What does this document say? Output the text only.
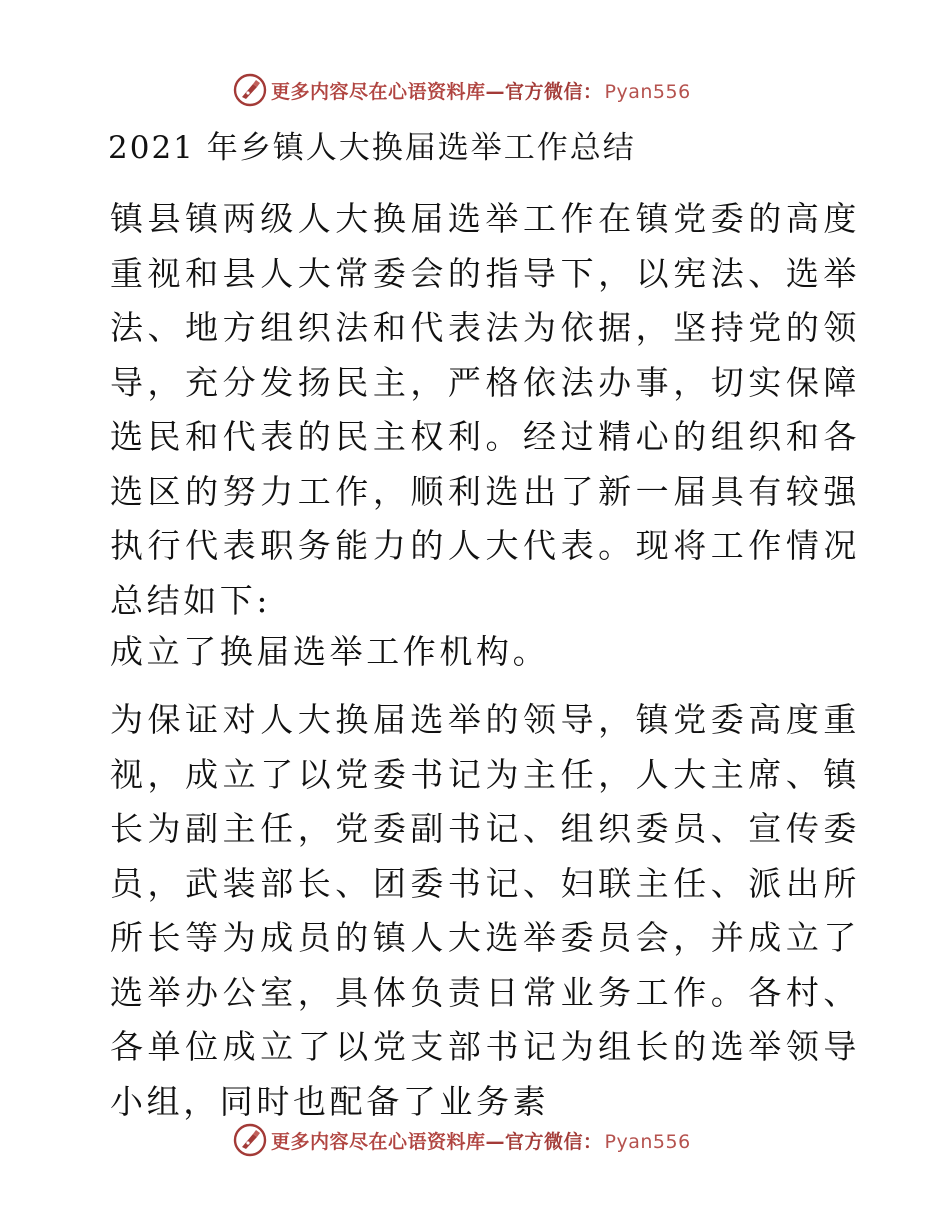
更多内容尽在心语资料库—官方微信： Pyan556
2021 年乡镇人大换届选举工作总结

镇县镇两级人大换届选举工作在镇党委的高度重视和县人大常委会的指导下，以宪法、选举法、地方组织法和代表法为依据，坚持党的领导，充分发扬民主，严格依法办事，切实保障选民和代表的民主权利。经过精心的组织和各选区的努力工作，顺利选出了新一届具有较强执行代表职务能力的人大代表。现将工作情况总结如下:

成立了换届选举工作机构。

为保证对人大换届选举的领导，镇党委高度重视，成立了以党委书记为主任，人大主席、镇长为副主任，党委副书记、组织委员、宣传委员，武装部长、团委书记、妇联主任、派出所所长等为成员的镇人大选举委员会，并成立了选举办公室，具体负责日常业务工作。各村、各单位成立了以党支部书记为组长的选举领导小组，同时也配备了业务素

更多内容尽在心语资料库—官方微信： Pyan556
